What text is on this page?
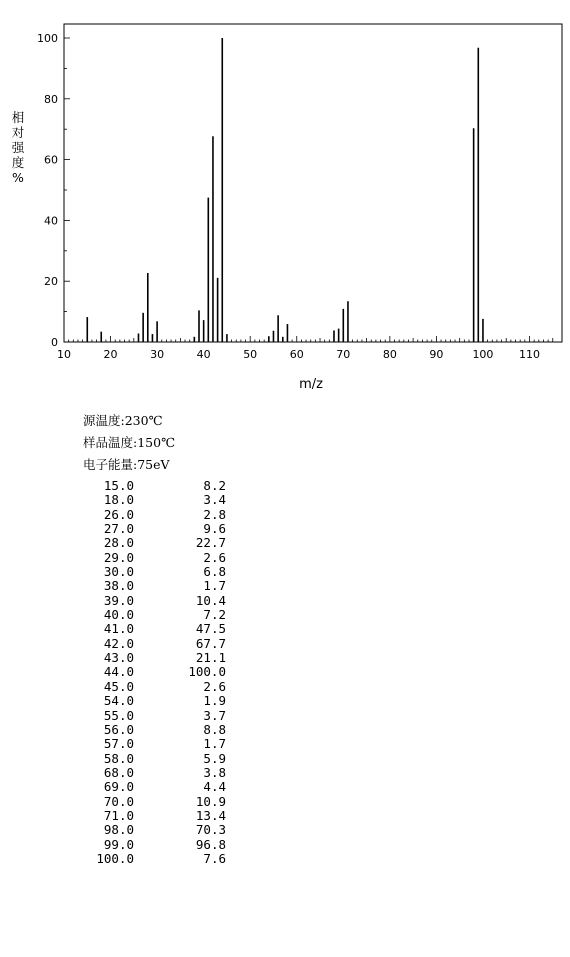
10	20	30	40	50	60	70	80	90	100 110
0
20
40
60
80
100
相
对
强
度
%
m/z
源温度:230℃
样品温度:150℃
电子能量:75eV
15.0	8.2
18.0	3.4
26.0	2.8
27.0	9.6
28.0	22.7
29.0	2.6
30.0	6.8
38.0	1.7
39.0	10.4
40.0	7.2
41.0	47.5
42.0	67.7
43.0	21.1
44.0	100.0
45.0	2.6
54.0	1.9
55.0	3.7
56.0	8.8
57.0	1.7
58.0	5.9
68.0	3.8
69.0	4.4
70.0	10.9
71.0	13.4
98.0	70.3
99.0	96.8
100.0	7.6
